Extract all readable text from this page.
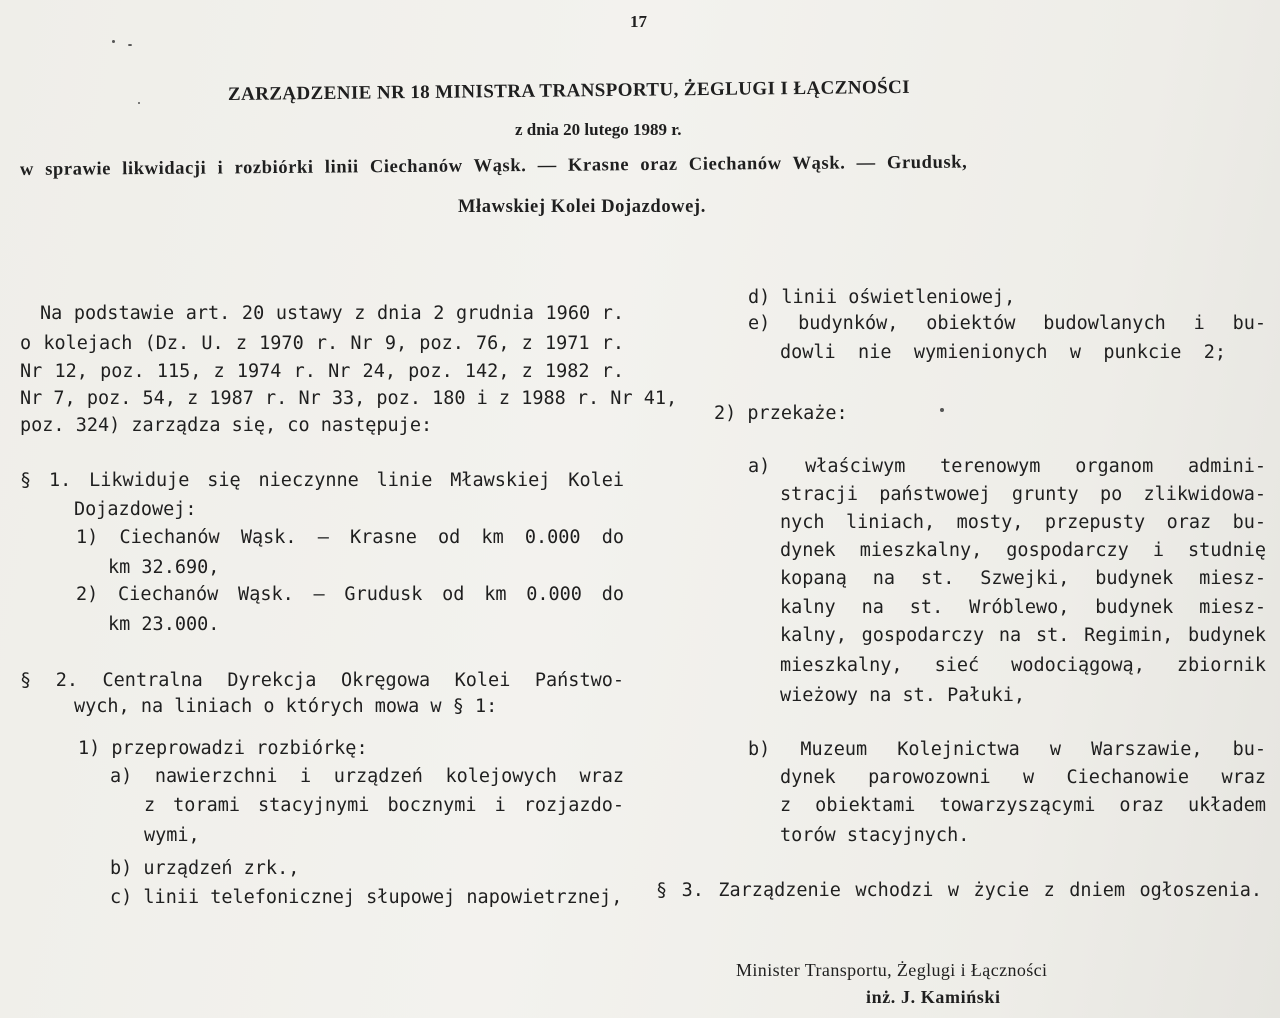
17
ZARZĄDZENIE NR 18 MINISTRA TRANSPORTU, ŻEGLUGI I ŁĄCZNOŚCI
z dnia 20 lutego 1989 r.
w sprawie likwidacji i rozbiórki linii Ciechanów Wąsk. — Krasne oraz Ciechanów Wąsk. — Grudusk,
Mławskiej Kolei Dojazdowej.
Na podstawie art. 20 ustawy z dnia 2 grudnia 1960 r.
o kolejach (Dz. U. z 1970 r. Nr 9, poz. 76, z 1971 r.
Nr 12, poz. 115, z 1974 r. Nr 24, poz. 142, z 1982 r.
Nr 7, poz. 54, z 1987 r. Nr 33, poz. 180 i z 1988 r. Nr 41,
poz. 324) zarządza się, co następuje:
§ 1. Likwiduje się nieczynne linie Mławskiej Kolei
Dojazdowej:
1) Ciechanów Wąsk. — Krasne od km 0.000 do
km 32.690,
2) Ciechanów Wąsk. — Grudusk od km 0.000 do
km 23.000.
§ 2. Centralna Dyrekcja Okręgowa Kolei Państwo-
wych, na liniach o których mowa w § 1:
1) przeprowadzi rozbiórkę:
a) nawierzchni i urządzeń kolejowych wraz
z torami stacyjnymi bocznymi i rozjazdo-
wymi,
b) urządzeń zrk.,
c) linii telefonicznej słupowej napowietrznej,
d) linii oświetleniowej,
e) budynków, obiektów budowlanych i bu-
dowli nie wymienionych w punkcie 2;
2) przekaże:
a) właściwym terenowym organom admini-
stracji państwowej grunty po zlikwidowa-
nych liniach, mosty, przepusty oraz bu-
dynek mieszkalny, gospodarczy i studnię
kopaną na st. Szwejki, budynek miesz-
kalny na st. Wróblewo, budynek miesz-
kalny, gospodarczy na st. Regimin, budynek
mieszkalny, sieć wodociągową, zbiornik
wieżowy na st. Pałuki,
b) Muzeum Kolejnictwa w Warszawie, bu-
dynek parowozowni w Ciechanowie wraz
z obiektami towarzyszącymi oraz układem
torów stacyjnych.
§ 3. Zarządzenie wchodzi w życie z dniem ogłoszenia.
Minister Transportu, Żeglugi i Łączności
inż. J. Kamiński
